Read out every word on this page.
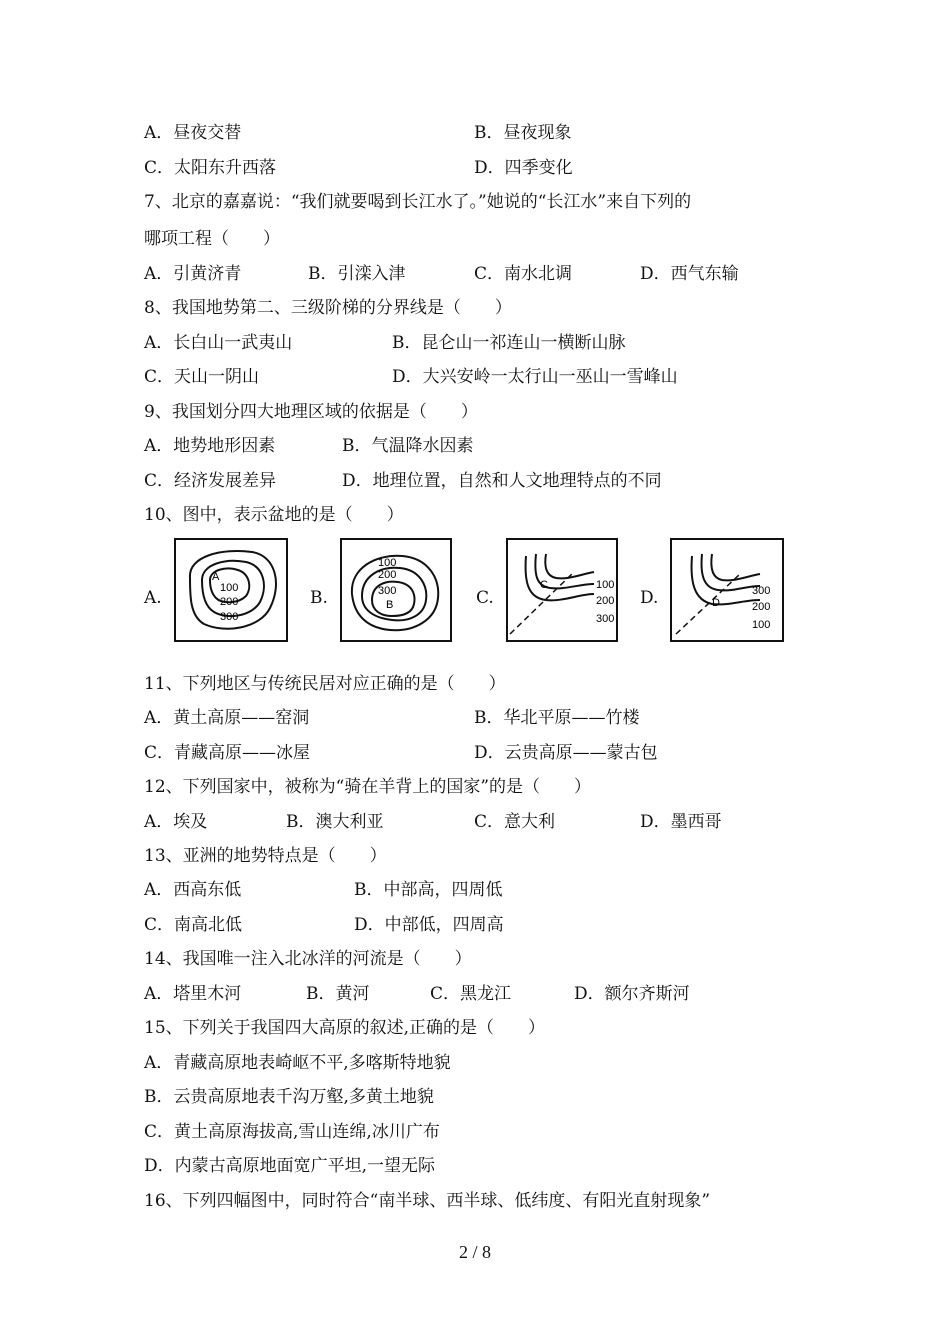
A．昼夜交替	B．昼夜现象
C．太阳东升西落	D．四季变化
7、北京的嘉嘉说：“我们就要喝到长江水了。”她说的“长江水”来自下列的
哪项工程（　　）
A．引黄济青	B．引滦入津	C．南水北调	D．西气东输
8、我国地势第二、三级阶梯的分界线是（　　）
A．长白山一武夷山	B．昆仑山一祁连山一横断山脉
C．天山一阴山	D．大兴安岭一太行山一巫山一雪峰山
9、我国划分四大地理区域的依据是（　　）
A．地势地形因素	B．气温降水因素
C．经济发展差异	D．地理位置，自然和人文地理特点的不同
10、图中，表示盆地的是（　　）
A.
A
100
200
300
B.
100
200
300
B	C.
C	100
200
300
D.	D
300
200
100
11、下列地区与传统民居对应正确的是（　　）
A．黄土高原——窑洞	B．华北平原——竹楼
C．青藏高原——冰屋	D．云贵高原——蒙古包
12、下列国家中，被称为“骑在羊背上的国家”的是（　　）
A．埃及	B．澳大利亚	C．意大利	D．墨西哥
13、亚洲的地势特点是（　　）
A．西高东低	B．中部高，四周低
C．南高北低	D．中部低，四周高
14、我国唯一注入北冰洋的河流是（　　）
A．塔里木河	B．黄河	C．黑龙江	D．额尔齐斯河
15、下列关于我国四大高原的叙述,正确的是（　　）
A．青藏高原地表崎岖不平,多喀斯特地貌
B．云贵高原地表千沟万壑,多黄土地貌
C．黄土高原海拔高,雪山连绵,冰川广布
D．内蒙古高原地面宽广平坦,一望无际
16、下列四幅图中，同时符合“南半球、西半球、低纬度、有阳光直射现象”
2 / 8
